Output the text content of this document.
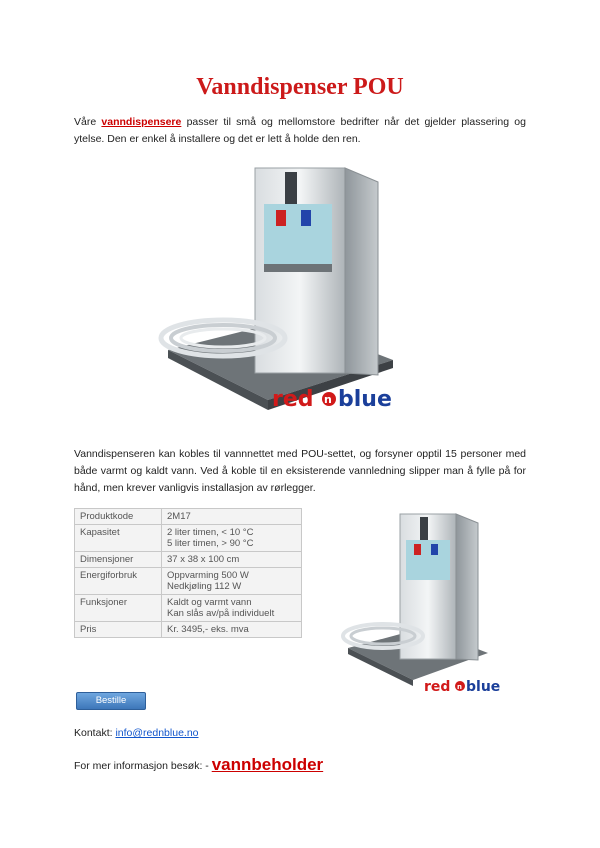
Vanndispenser POU

Våre vanndispensere passer til små og mellomstore bedrifter når det gjelder plassering og ytelse. Den er enkel å installere og det er lett å holde den ren.

red n blue

Vanndispenseren kan kobles til vannnettet med POU-settet, og forsyner opptil 15 personer med både varmt og kaldt vann. Ved å koble til en eksisterende vannledning slipper man å fylle på for hånd, men krever vanligvis installasjon av rørlegger.

Produktkode	2M17

Kapasitet	2 liter timen, < 10 °C
5 liter timen, > 90 °C

Dimensjoner	37 x 38 x 100 cm

Energiforbruk	Oppvarming 500 W
Nedkjøling 112 W

Funksjoner	Kaldt og varmt vann
Kan slås av/på individuelt

Pris	Kr. 3495,- eks. mva
red n blue
Bestille

Kontakt: info@rednblue.no

For mer informasjon besøk: - vannbeholder
